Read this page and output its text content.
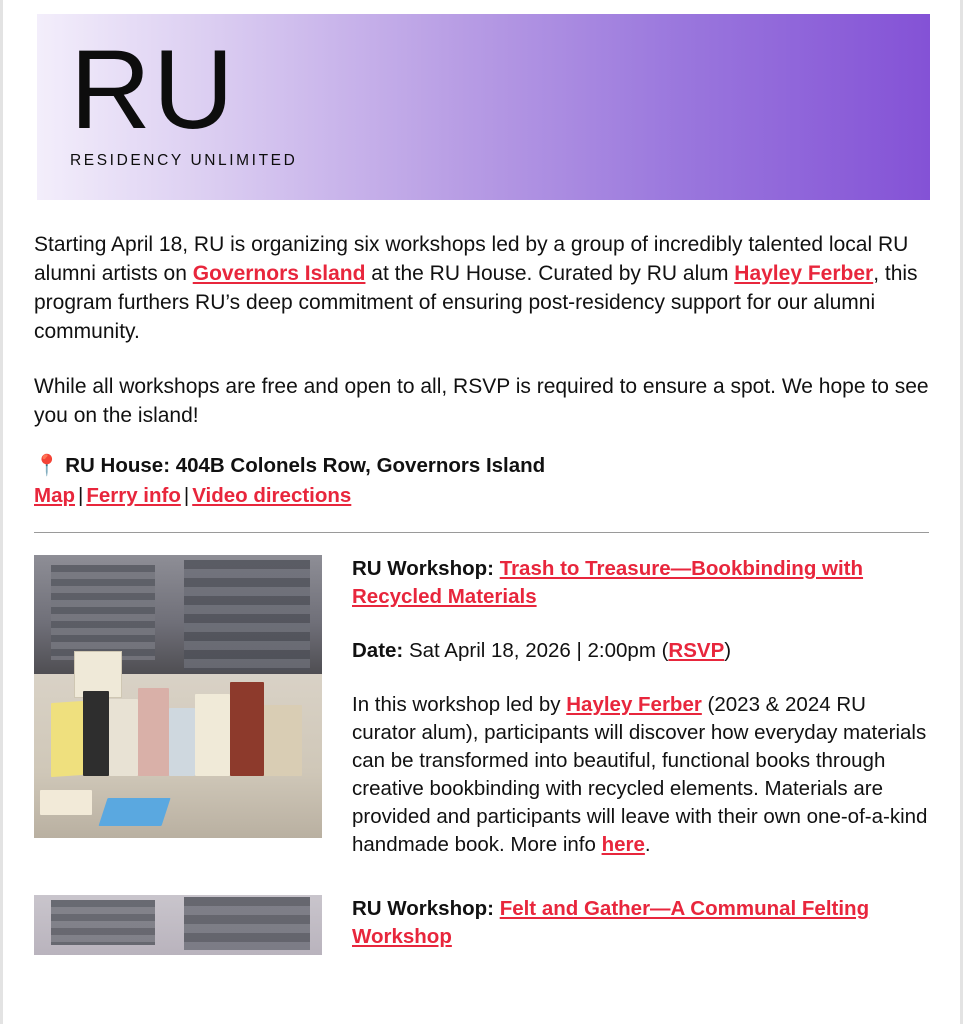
RU
RESIDENCY UNLIMITED

Starting April 18, RU is organizing six workshops led by a group of incredibly talented local RU alumni artists on Governors Island at the RU House. Curated by RU alum Hayley Ferber, this program furthers RU’s deep commitment of ensuring post-residency support for our alumni community.

While all workshops are free and open to all, RSVP is required to ensure a spot. We hope to see you on the island!

📍 RU House: 404B Colonels Row, Governors Island
Map | Ferry info | Video directions

RU Workshop: Trash to Treasure—Bookbinding with Recycled Materials

Date: Sat April 18, 2026 | 2:00pm (RSVP)

In this workshop led by Hayley Ferber (2023 & 2024 RU curator alum), participants will discover how everyday materials can be transformed into beautiful, functional books through creative bookbinding with recycled elements. Materials are provided and participants will leave with their own one-of-a-kind handmade book. More info here.

RU Workshop: Felt and Gather—A Communal Felting Workshop
